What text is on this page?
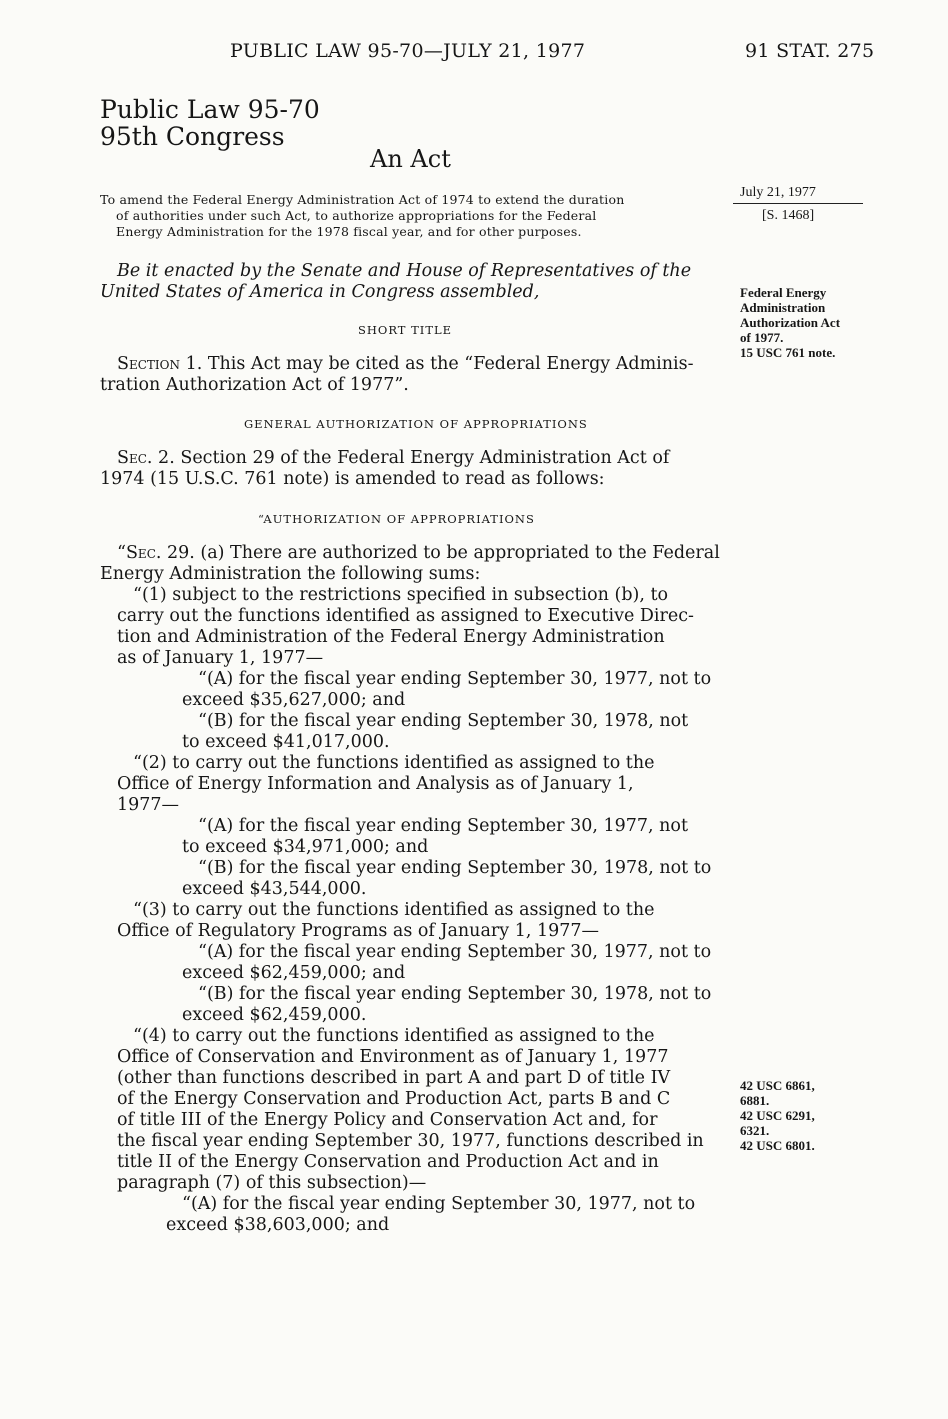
PUBLIC LAW 95-70—JULY 21, 1977	91 STAT. 275
Public Law 95-70
95th Congress
An Act
To amend the Federal Energy Administration Act of 1974 to extend the duration
of authorities under such Act, to authorize appropriations for the Federal
Energy Administration for the 1978 fiscal year, and for other purposes.
Be it enacted by the Senate and House of Representatives of the
United States of America in Congress assembled,
SHORT TITLE
Section 1. This Act may be cited as the “Federal Energy Adminis-
tration Authorization Act of 1977”.
GENERAL AUTHORIZATION OF APPROPRIATIONS
Sec. 2. Section 29 of the Federal Energy Administration Act of
1974 (15 U.S.C. 761 note) is amended to read as follows:
“AUTHORIZATION OF APPROPRIATIONS
“Sec. 29. (a) There are authorized to be appropriated to the Federal
Energy Administration the following sums:
“(1) subject to the restrictions specified in subsection (b), to
carry out the functions identified as assigned to Executive Direc-
tion and Administration of the Federal Energy Administration
as of January 1, 1977—
“(A) for the fiscal year ending September 30, 1977, not to
exceed $35,627,000; and
“(B) for the fiscal year ending September 30, 1978, not
to exceed $41,017,000.
“(2) to carry out the functions identified as assigned to the
Office of Energy Information and Analysis as of January 1,
1977—
“(A) for the fiscal year ending September 30, 1977, not
to exceed $34,971,000; and
“(B) for the fiscal year ending September 30, 1978, not to
exceed $43,544,000.
“(3) to carry out the functions identified as assigned to the
Office of Regulatory Programs as of January 1, 1977—
“(A) for the fiscal year ending September 30, 1977, not to
exceed $62,459,000; and
“(B) for the fiscal year ending September 30, 1978, not to
exceed $62,459,000.
“(4) to carry out the functions identified as assigned to the
Office of Conservation and Environment as of January 1, 1977
(other than functions described in part A and part D of title IV
of the Energy Conservation and Production Act, parts B and C
of title III of the Energy Policy and Conservation Act and, for
the fiscal year ending September 30, 1977, functions described in
title II of the Energy Conservation and Production Act and in
paragraph (7) of this subsection)—
“(A) for the fiscal year ending September 30, 1977, not to
exceed $38,603,000; and
July 21, 1977
[S. 1468]
Federal Energy
Administration
Authorization Act
of 1977.
15 USC 761 note.
42 USC 6861,
6881.
42 USC 6291,
6321.
42 USC 6801.
